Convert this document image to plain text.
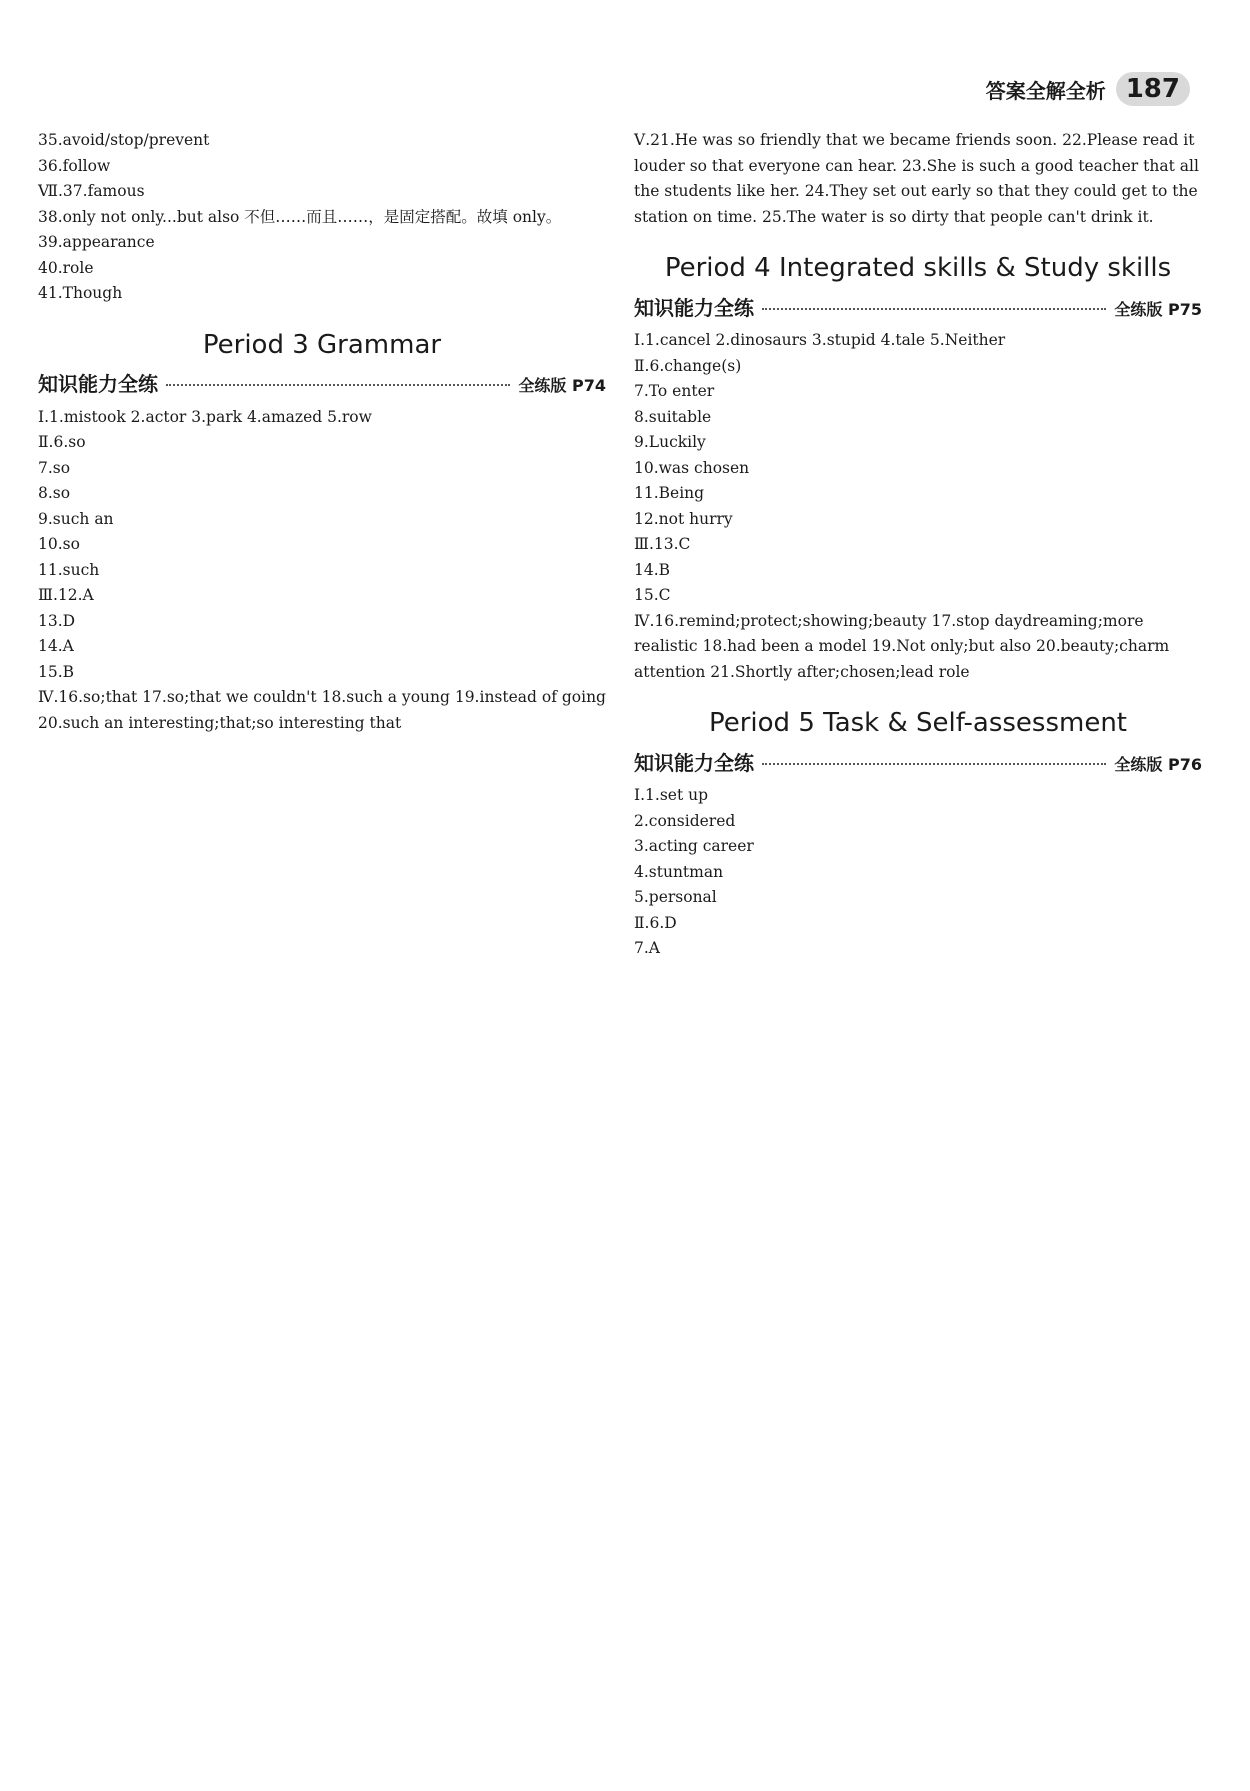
答案全解全析 187

35.avoid/stop/prevent

36.follow

Ⅶ.37.famous

38.only not only...but also 不但……而且……，是固定搭配。故填 only。

39.appearance

40.role

41.Though

Period 3 Grammar
知识能力全练	全练版 P74

Ⅰ.1.mistook 2.actor 3.park 4.amazed 5.row

Ⅱ.6.so

7.so

8.so

9.such an

10.so

11.such

Ⅲ.12.A

13.D

14.A

15.B

Ⅳ.16.so;that 17.so;that we couldn't 18.such a young 19.instead of going 20.such an interesting;that;so interesting that

Ⅴ.21.He was so friendly that we became friends soon. 22.Please read it louder so that everyone can hear. 23.She is such a good teacher that all the students like her. 24.They set out early so that they could get to the station on time. 25.The water is so dirty that people can't drink it.

Period 4 Integrated skills & Study skills
知识能力全练	全练版 P75

Ⅰ.1.cancel 2.dinosaurs 3.stupid 4.tale 5.Neither

Ⅱ.6.change(s)

7.To enter

8.suitable

9.Luckily

10.was chosen

11.Being

12.not hurry

Ⅲ.13.C

14.B

15.C

Ⅳ.16.remind;protect;showing;beauty 17.stop daydreaming;more realistic 18.had been a model 19.Not only;but also 20.beauty;charm attention 21.Shortly after;chosen;lead role

Period 5 Task & Self-assessment
知识能力全练	全练版 P76

Ⅰ.1.set up

2.considered

3.acting career

4.stuntman

5.personal

Ⅱ.6.D

7.A
